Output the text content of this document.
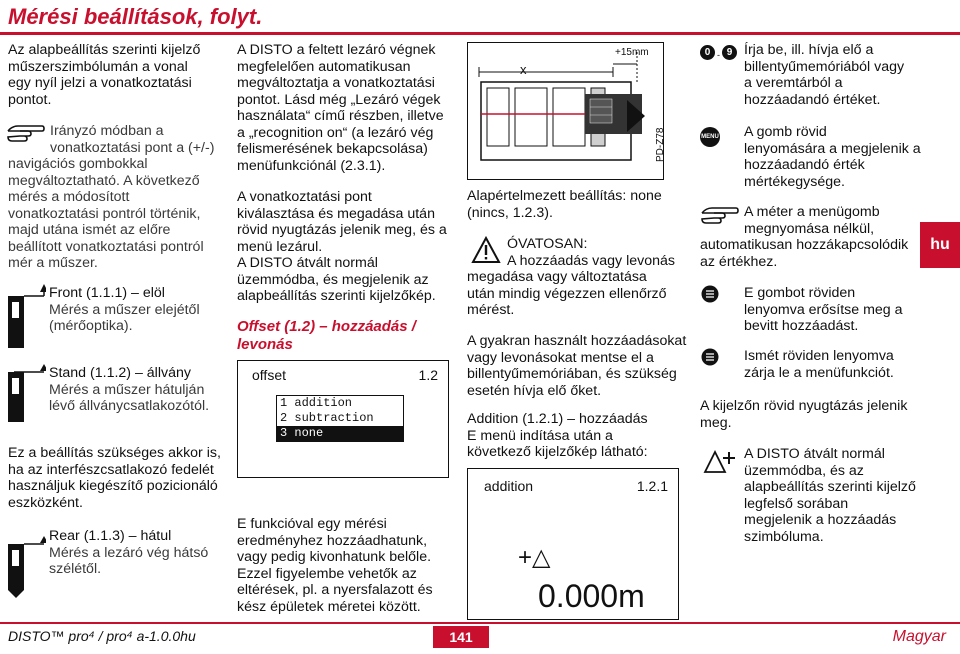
Mérési beállítások, folyt.

Az alapbeállítás szerinti kijelző

műszerszimbólumán a vonal

egy nyíl jelzi a vonatkoztatási

pontot.

Irányzó módban a

vonatkoztatási pont a (+/-)

navigációs gombokkal

megváltoztatható. A következő

mérés a módosított

vonatkoztatási pontról történik,

majd utána ismét az előre

beállított vonatkoztatási pontról

mér a műszer.

Front (1.1.1) – elöl

Mérés a műszer elejétől

(mérőoptika).

Stand (1.1.2) – állvány

Mérés a műszer hátulján

lévő állványcsatlakozótól.

Ez a beállítás szükséges akkor is,

ha az interfészcsatlakozó fedelét

használjuk kiegészítő pozicionáló

eszközként.

Rear (1.1.3) – hátul

Mérés a lezáró vég hátsó

szélétől.

A DISTO a feltett lezáró végnek

megfelelően automatikusan

megváltoztatja a vonatkoztatási

pontot. Lásd még „Lezáró végek

használata“ című részben, illetve

a „recognition on“ (a lezáró vég

felismerésének bekapcsolása)

menüfunkciónál (2.3.1).

A vonatkoztatási pont

kiválasztása és megadása után

rövid nyugtázás jelenik meg, és a

menü lezárul.

A DISTO átvált normál

üzemmódba, és megjelenik az

alapbeállítás szerinti kijelzőkép.

Offset (1.2) – hozzáadás /
levonás
offset	1.2
1 addition
2 subtraction
3 none

E funkcióval egy mérési

eredményhez hozzáadhatunk,

vagy pedig kivonhatunk belőle.

Ezzel figyelembe vehetők az

eltérések, pl. a nyersfalazott és

kész épületek méretei között.

x
+15mm
PD-Z78

Alapértelmezett beállítás: none

(nincs, 1.2.3).

ÓVATOSAN:

A hozzáadás vagy levonás

megadása vagy változtatása

után mindig végezzen ellenőrző

mérést.

A gyakran használt hozzáadásokat

vagy levonásokat mentse el a

billentyűmemóriában, és szükség

esetén hívja elő őket.

Addition (1.2.1) – hozzáadás

E menü indítása után a

következő kijelzőkép látható:

addition	1.2.1
+△
0.000m
0	9
- Írja be, ill. hívja elő a

billentyűmemóriából vagy

a veremtárból a

hozzáadandó értéket.

MENU A gomb rövid

lenyomására a megjelenik a

hozzáadandó érték

mértékegysége.

A méter a menügomb

megnyomása nélkül,

automatikusan hozzákapcsolódik

az értékhez.

hu

E gombot röviden

lenyomva erősítse meg a

bevitt hozzáadást.

Ismét röviden lenyomva

zárja le a menüfunkciót.

A kijelzőn rövid nyugtázás jelenik

meg.

A DISTO átvált normál

üzemmódba, és az

alapbeállítás szerinti kijelző

legfelső sorában

megjelenik a hozzáadás

szimbóluma.

DISTO™ pro⁴ / pro⁴ a-1.0.0hu	141	Magyar
